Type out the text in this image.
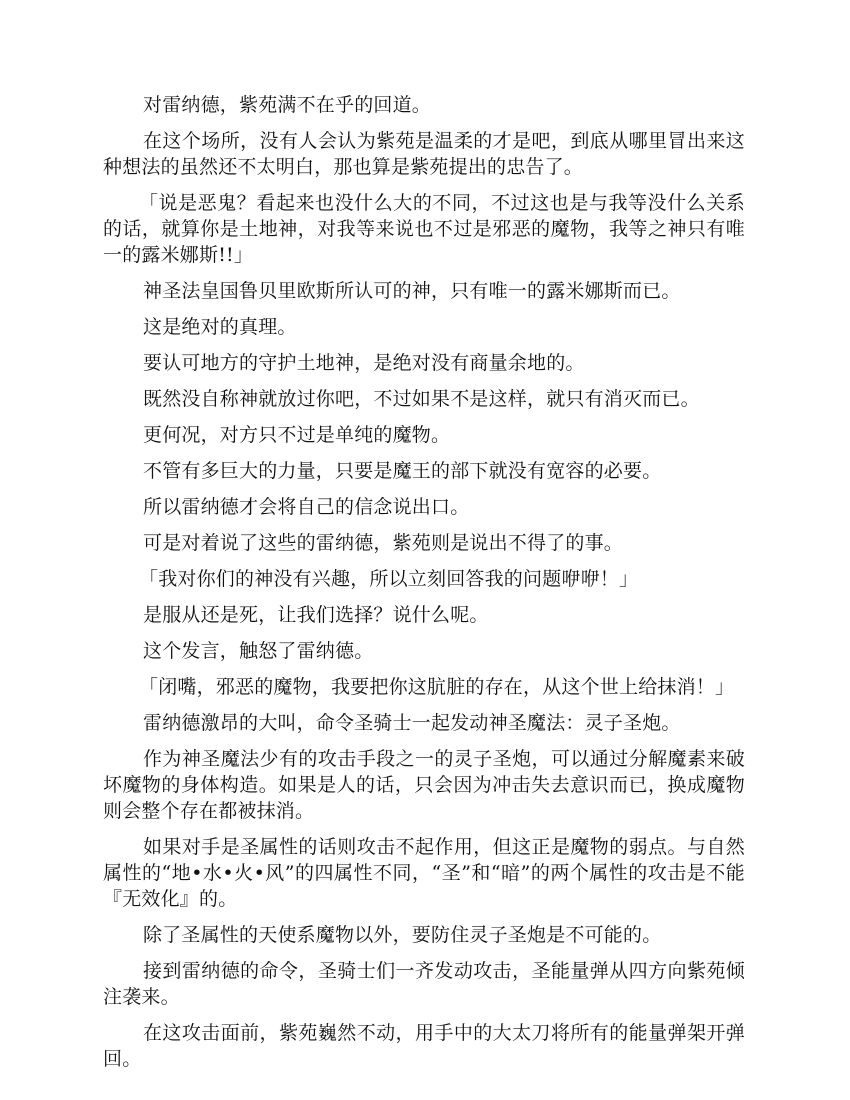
对雷纳德，紫苑满不在乎的回道。

在这个场所，没有人会认为紫苑是温柔的才是吧，到底从哪里冒出来这种想法的虽然还不太明白，那也算是紫苑提出的忠告了。

「说是恶鬼？看起来也没什么大的不同，不过这也是与我等没什么关系的话，就算你是土地神，对我等来说也不过是邪恶的魔物，我等之神只有唯一的露米娜斯!!」

神圣法皇国鲁贝里欧斯所认可的神，只有唯一的露米娜斯而已。

这是绝对的真理。

要认可地方的守护土地神，是绝对没有商量余地的。

既然没自称神就放过你吧，不过如果不是这样，就只有消灭而已。

更何况，对方只不过是单纯的魔物。

不管有多巨大的力量，只要是魔王的部下就没有宽容的必要。

所以雷纳德才会将自己的信念说出口。

可是对着说了这些的雷纳德，紫苑则是说出不得了的事。

「我对你们的神没有兴趣，所以立刻回答我的问题咿咿！」

是服从还是死，让我们选择？说什么呢。

这个发言，触怒了雷纳德。

「闭嘴，邪恶的魔物，我要把你这肮脏的存在，从这个世上给抹消！」

雷纳德激昂的大叫，命令圣骑士一起发动神圣魔法：灵子圣炮。

作为神圣魔法少有的攻击手段之一的灵子圣炮，可以通过分解魔素来破坏魔物的身体构造。如果是人的话，只会因为冲击失去意识而已，换成魔物则会整个存在都被抹消。

如果对手是圣属性的话则攻击不起作用，但这正是魔物的弱点。与自然属性的“地•水•火•风”的四属性不同，“圣”和“暗”的两个属性的攻击是不能『无效化』的。

除了圣属性的天使系魔物以外，要防住灵子圣炮是不可能的。

接到雷纳德的命令，圣骑士们一齐发动攻击，圣能量弹从四方向紫苑倾注袭来。

在这攻击面前，紫苑巍然不动，用手中的大太刀将所有的能量弹架开弹回。
